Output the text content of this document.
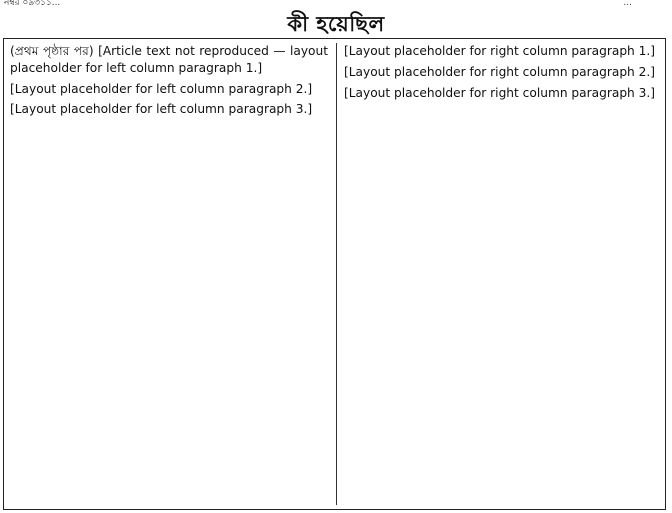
নম্বর ০৯৩১১...	...
কী হয়েছিল

(প্রথম পৃষ্ঠার পর) [Article text not reproduced — layout placeholder for left column paragraph 1.]

[Layout placeholder for left column paragraph 2.]

[Layout placeholder for left column paragraph 3.]

[Layout placeholder for right column paragraph 1.]

[Layout placeholder for right column paragraph 2.]

[Layout placeholder for right column paragraph 3.]
